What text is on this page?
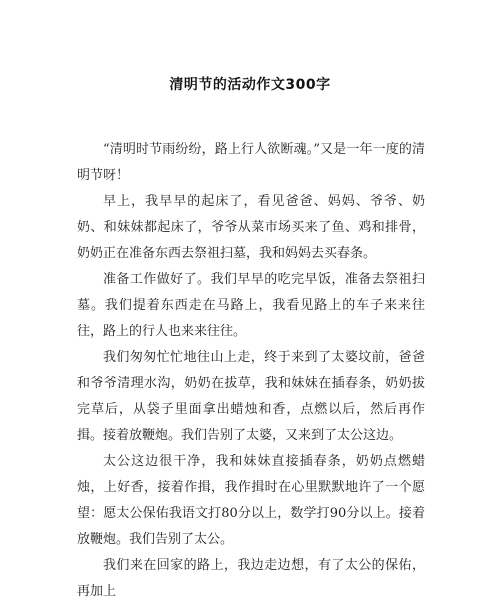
清明节的活动作文300字

“清明时节雨纷纷，路上行人欲断魂。”又是一年一度的清明节呀！

早上，我早早的起床了，看见爸爸、妈妈、爷爷、奶奶、和妹妹都起床了，爷爷从菜市场买来了鱼、鸡和排骨，奶奶正在准备东西去祭祖扫墓，我和妈妈去买春条。

准备工作做好了。我们早早的吃完早饭，准备去祭祖扫墓。我们提着东西走在马路上，我看见路上的车子来来往往，路上的行人也来来往往。

我们匆匆忙忙地往山上走，终于来到了太婆坟前，爸爸和爷爷清理水沟，奶奶在拔草，我和妹妹在插春条，奶奶拔完草后，从袋子里面拿出蜡烛和香，点燃以后，然后再作揖。接着放鞭炮。我们告别了太婆，又来到了太公这边。

太公这边很干净，我和妹妹直接插春条，奶奶点燃蜡烛，上好香，接着作揖，我作揖时在心里默默地许了一个愿望：愿太公保佑我语文打80分以上，数学打90分以上。接着放鞭炮。我们告别了太公。

我们来在回家的路上，我边走边想，有了太公的保佑，再加上
